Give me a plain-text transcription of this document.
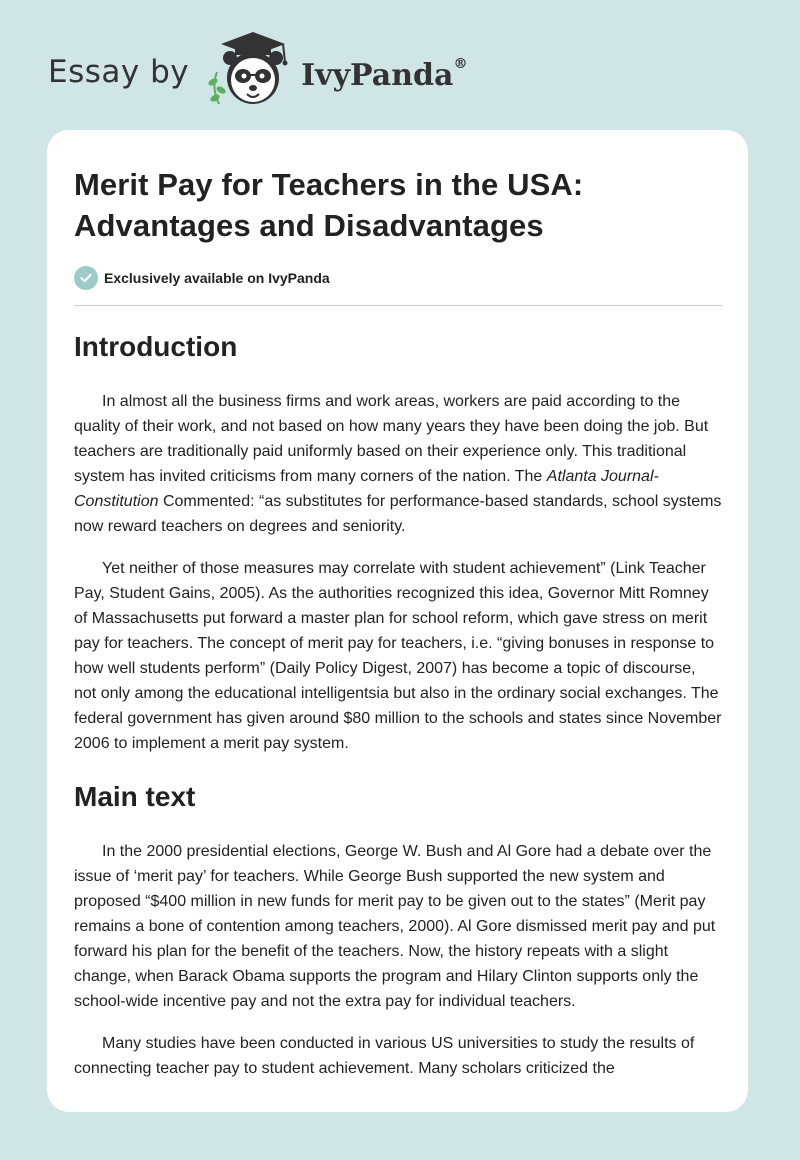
Essay by	IvyPanda®
Merit Pay for Teachers in the USA:
Advantages and Disadvantages
Exclusively available on IvyPanda
Introduction

In almost all the business firms and work areas, workers are paid according to the quality of their work, and not based on how many years they have been doing the job. But teachers are traditionally paid uniformly based on their experience only. This traditional system has invited criticisms from many corners of the nation. The Atlanta Journal-Constitution Commented: “as substitutes for performance-based standards, school systems now reward teachers on degrees and seniority.

Yet neither of those measures may correlate with student achievement” (Link Teacher Pay, Student Gains, 2005). As the authorities recognized this idea, Governor Mitt Romney of Massachusetts put forward a master plan for school reform, which gave stress on merit pay for teachers. The concept of merit pay for teachers, i.e. “giving bonuses in response to how well students perform” (Daily Policy Digest, 2007) has become a topic of discourse, not only among the educational intelligentsia but also in the ordinary social exchanges. The federal government has given around $80 million to the schools and states since November 2006 to implement a merit pay system.

Main text

In the 2000 presidential elections, George W. Bush and Al Gore had a debate over the issue of ‘merit pay’ for teachers. While George Bush supported the new system and proposed “$400 million in new funds for merit pay to be given out to the states” (Merit pay remains a bone of contention among teachers, 2000). Al Gore dismissed merit pay and put forward his plan for the benefit of the teachers. Now, the history repeats with a slight change, when Barack Obama supports the program and Hilary Clinton supports only the school-wide incentive pay and not the extra pay for individual teachers.

Many studies have been conducted in various US universities to study the results of connecting teacher pay to student achievement. Many scholars criticized the
